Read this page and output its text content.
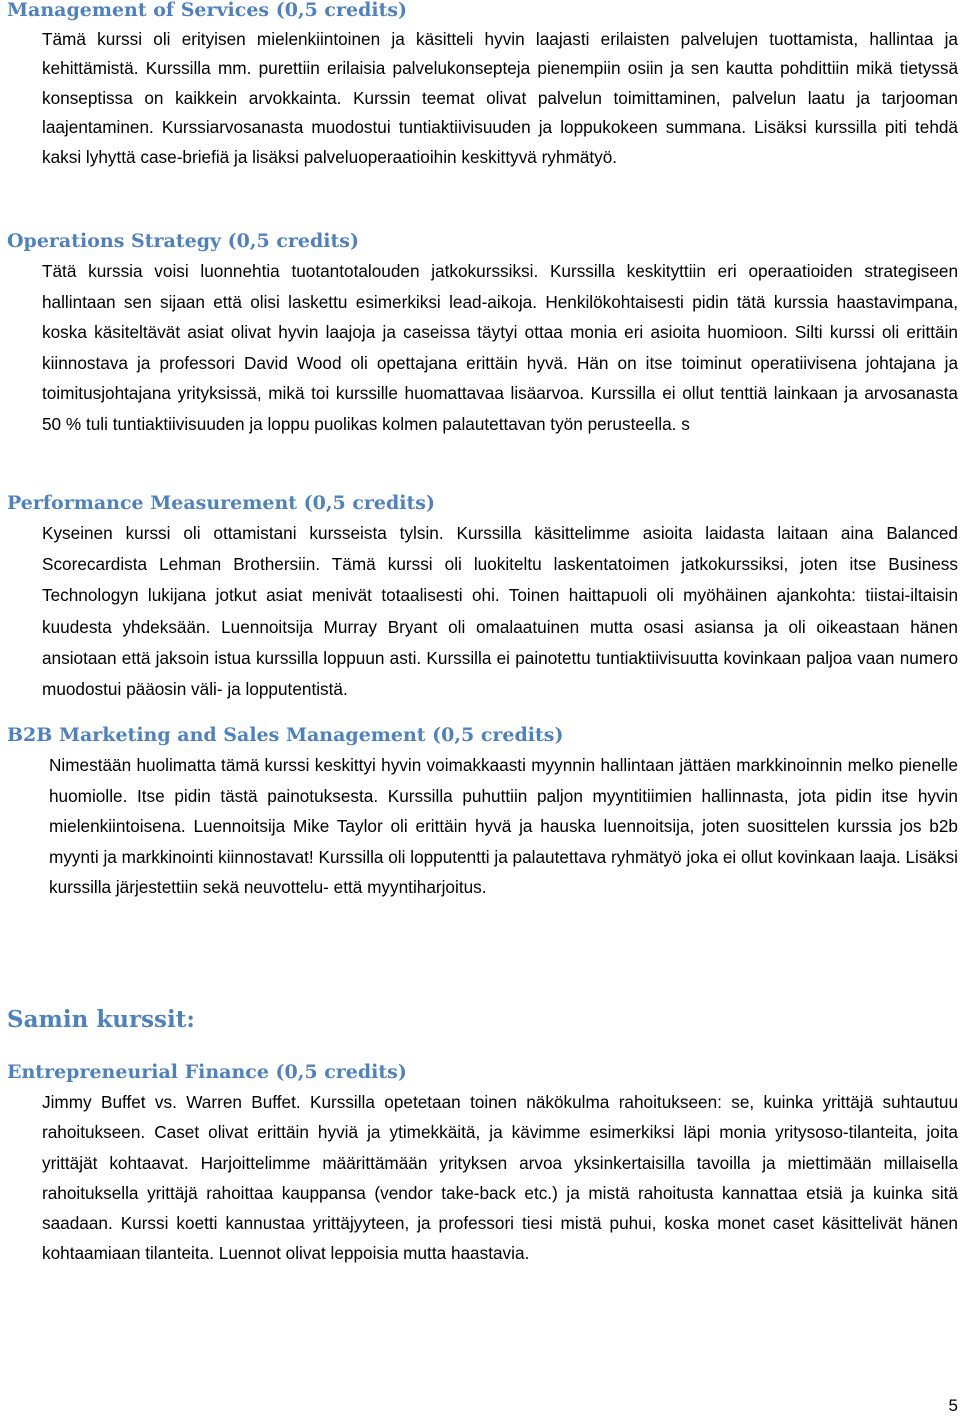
Management of Services (0,5 credits)

Tämä kurssi oli erityisen mielenkiintoinen ja käsitteli hyvin laajasti erilaisten palvelujen tuottamista, hallintaa ja kehittämistä. Kurssilla mm. purettiin erilaisia palvelukonsepteja pienempiin osiin ja sen kautta pohdittiin mikä tietyssä konseptissa on kaikkein arvokkainta. Kurssin teemat olivat palvelun toimittaminen, palvelun laatu ja tarjooman laajentaminen. Kurssiarvosanasta muodostui tuntiaktiivisuuden ja loppukokeen summana. Lisäksi kurssilla piti tehdä kaksi lyhyttä case-briefiä ja lisäksi palveluoperaatioihin keskittyvä ryhmätyö.

Operations Strategy (0,5 credits)

Tätä kurssia voisi luonnehtia tuotantotalouden jatkokurssiksi. Kurssilla keskityttiin eri operaatioiden strategiseen hallintaan sen sijaan että olisi laskettu esimerkiksi lead-aikoja. Henkilökohtaisesti pidin tätä kurssia haastavimpana, koska käsiteltävät asiat olivat hyvin laajoja ja caseissa täytyi ottaa monia eri asioita huomioon. Silti kurssi oli erittäin kiinnostava ja professori David Wood oli opettajana erittäin hyvä. Hän on itse toiminut operatiivisena johtajana ja toimitusjohtajana yrityksissä, mikä toi kurssille huomattavaa lisäarvoa. Kurssilla ei ollut tenttiä lainkaan ja arvosanasta 50 % tuli tuntiaktiivisuuden ja loppu puolikas kolmen palautettavan työn perusteella. s

Performance Measurement (0,5 credits)

Kyseinen kurssi oli ottamistani kursseista tylsin. Kurssilla käsittelimme asioita laidasta laitaan aina Balanced Scorecardista Lehman Brothersiin. Tämä kurssi oli luokiteltu laskentatoimen jatkokurssiksi, joten itse Business Technologyn lukijana jotkut asiat menivät totaalisesti ohi. Toinen haittapuoli oli myöhäinen ajankohta: tiistai-iltaisin kuudesta yhdeksään. Luennoitsija Murray Bryant oli omalaatuinen mutta osasi asiansa ja oli oikeastaan hänen ansiotaan että jaksoin istua kurssilla loppuun asti. Kurssilla ei painotettu tuntiaktiivisuutta kovinkaan paljoa vaan numero muodostui pääosin väli- ja lopputentistä.

B2B Marketing and Sales Management (0,5 credits)

Nimestään huolimatta tämä kurssi keskittyi hyvin voimakkaasti myynnin hallintaan jättäen markkinoinnin melko pienelle huomiolle. Itse pidin tästä painotuksesta. Kurssilla puhuttiin paljon myyntitiimien hallinnasta, jota pidin itse hyvin mielenkiintoisena. Luennoitsija Mike Taylor oli erittäin hyvä ja hauska luennoitsija, joten suosittelen kurssia jos b2b myynti ja markkinointi kiinnostavat! Kurssilla oli lopputentti ja palautettava ryhmätyö joka ei ollut kovinkaan laaja. Lisäksi kurssilla järjestettiin sekä neuvottelu- että myyntiharjoitus.

Samin kurssit:
Entrepreneurial Finance (0,5 credits)

Jimmy Buffet vs. Warren Buffet. Kurssilla opetetaan toinen näkökulma rahoitukseen: se, kuinka yrittäjä suhtautuu rahoitukseen. Caset olivat erittäin hyviä ja ytimekkäitä, ja kävimme esimerkiksi läpi monia yritysoso-tilanteita, joita yrittäjät kohtaavat. Harjoittelimme määrittämään yrityksen arvoa yksinkertaisilla tavoilla ja miettimään millaisella rahoituksella yrittäjä rahoittaa kauppansa (vendor take-back etc.) ja mistä rahoitusta kannattaa etsiä ja kuinka sitä saadaan. Kurssi koetti kannustaa yrittäjyyteen, ja professori tiesi mistä puhui, koska monet caset käsittelivät hänen kohtaamiaan tilanteita. Luennot olivat leppoisia mutta haastavia.

5
